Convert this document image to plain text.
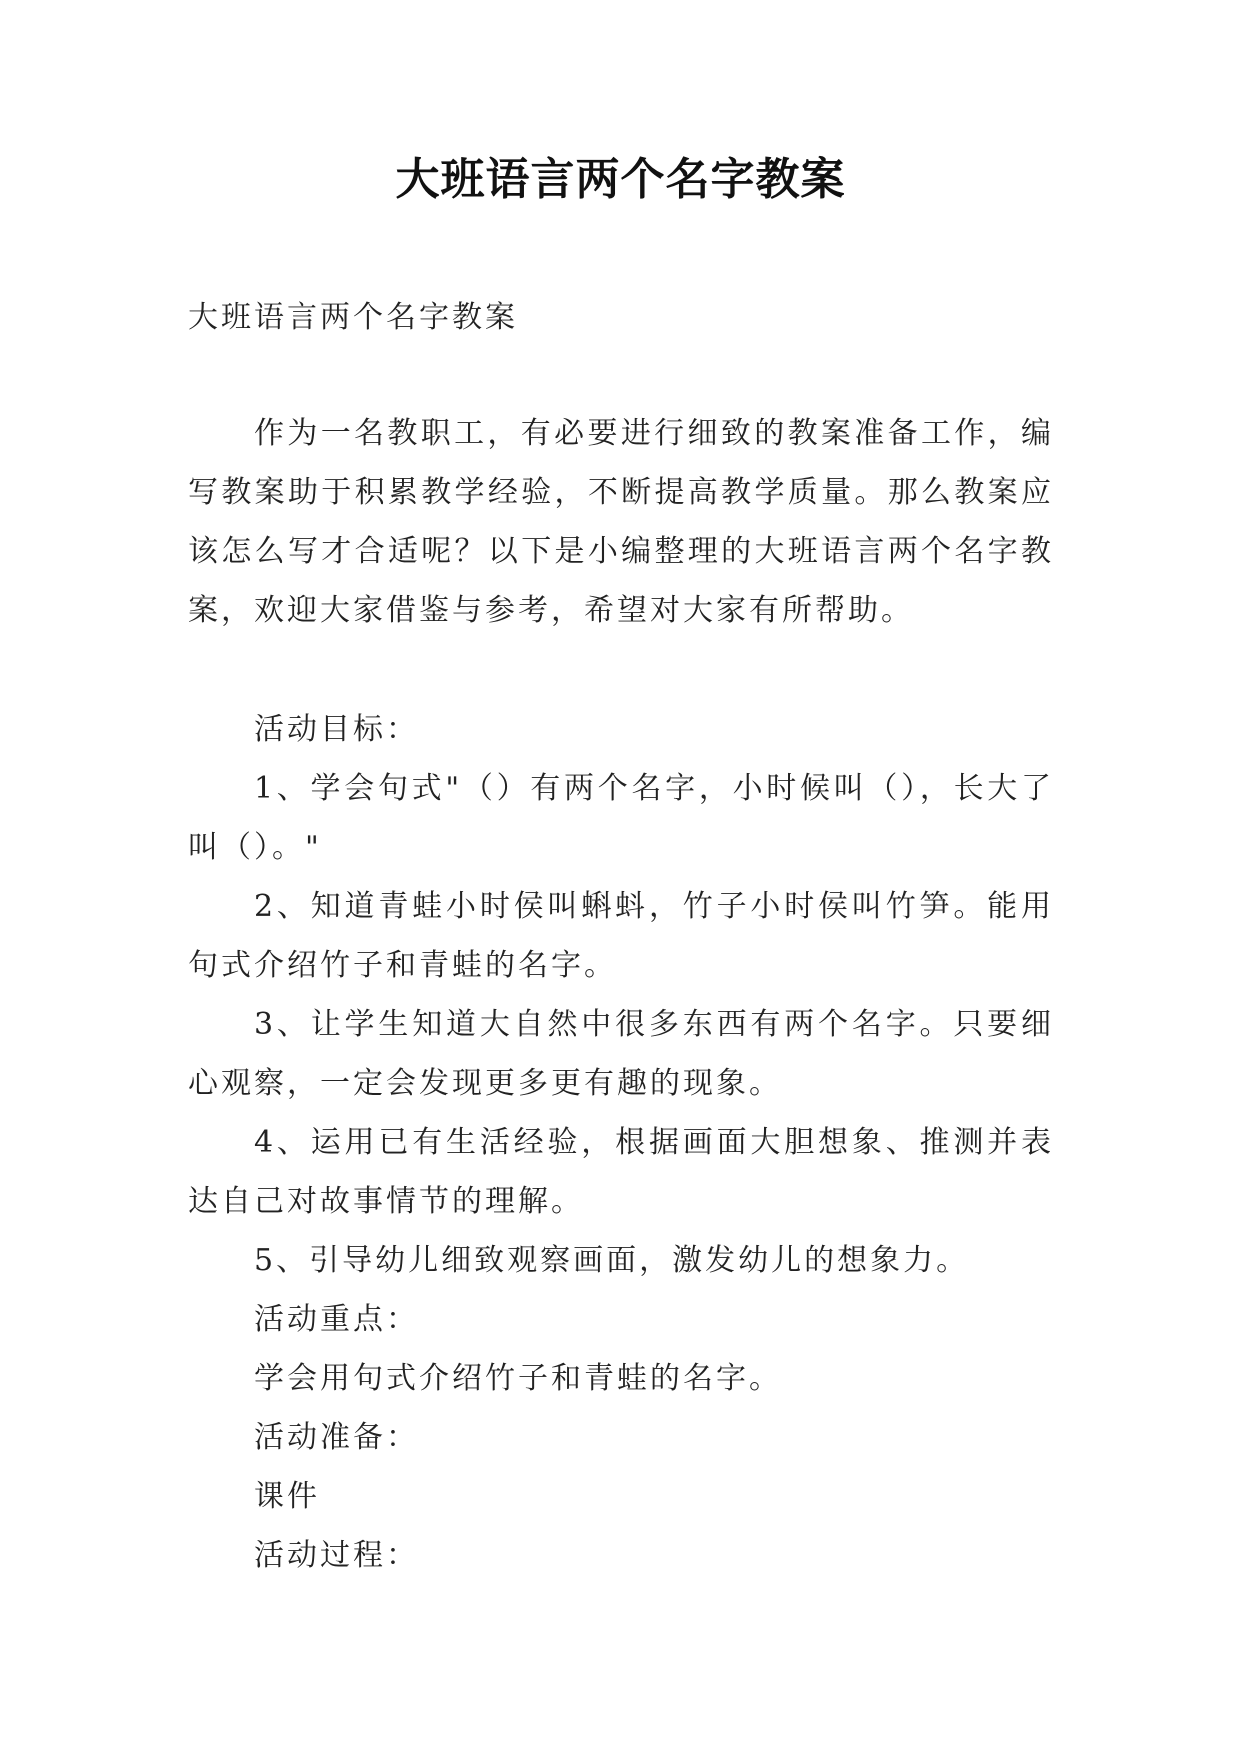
大班语言两个名字教案

大班语言两个名字教案

作为一名教职工，有必要进行细致的教案准备工作，编写教案助于积累教学经验，不断提高教学质量。那么教案应该怎么写才合适呢？以下是小编整理的大班语言两个名字教案，欢迎大家借鉴与参考，希望对大家有所帮助。

活动目标：

1、学会句式"（）有两个名字，小时候叫（），长大了叫（）。"

2、知道青蛙小时侯叫蝌蚪，竹子小时侯叫竹笋。能用句式介绍竹子和青蛙的名字。

3、让学生知道大自然中很多东西有两个名字。只要细心观察，一定会发现更多更有趣的现象。

4、运用已有生活经验，根据画面大胆想象、推测并表达自己对故事情节的理解。

5、引导幼儿细致观察画面，激发幼儿的想象力。

活动重点：

学会用句式介绍竹子和青蛙的名字。

活动准备：

课件

活动过程：
